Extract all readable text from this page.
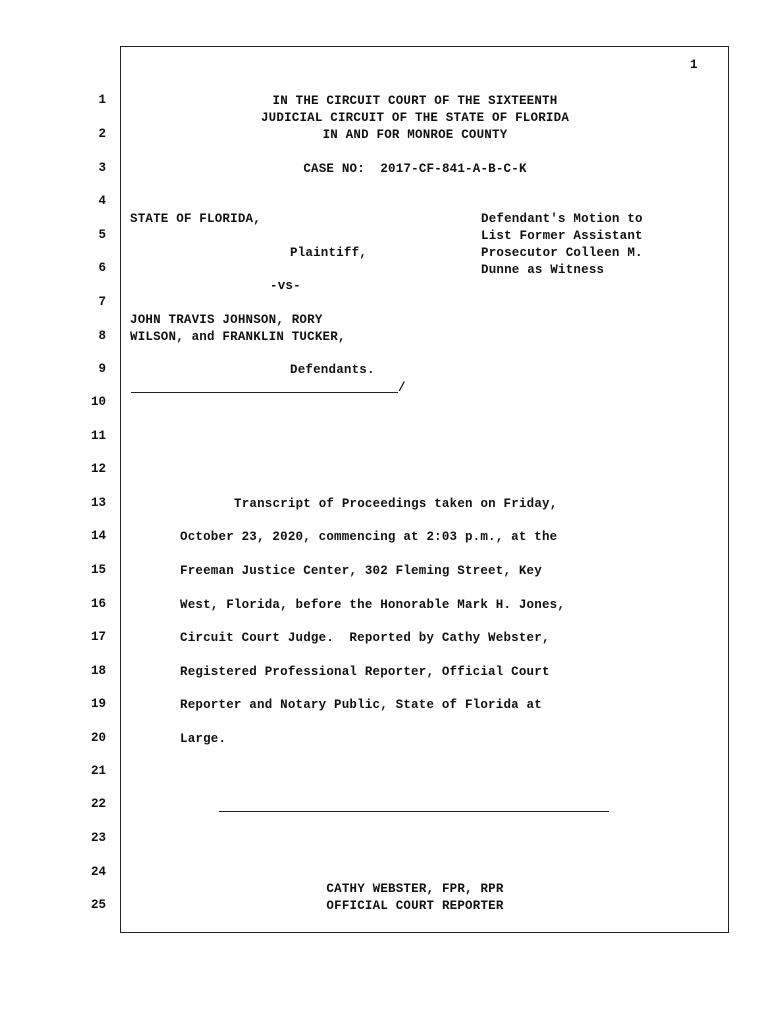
1
1
2
3
4
5
6
7
8
9
10
11
12
13
14
15
16
17
18
19
20
21
22
23
24
25
IN THE CIRCUIT COURT OF THE SIXTEENTH
JUDICIAL CIRCUIT OF THE STATE OF FLORIDA
IN AND FOR MONROE COUNTY
CASE NO:  2017-CF-841-A-B-C-K
STATE OF FLORIDA,
Plaintiff,
-vs-
JOHN TRAVIS JOHNSON, RORY
WILSON, and FRANKLIN TUCKER,
Defendants.
/
Defendant's Motion to
List Former Assistant
Prosecutor Colleen M.
Dunne as Witness
Transcript of Proceedings taken on Friday,
October 23, 2020, commencing at 2:03 p.m., at the
Freeman Justice Center, 302 Fleming Street, Key
West, Florida, before the Honorable Mark H. Jones,
Circuit Court Judge.  Reported by Cathy Webster,
Registered Professional Reporter, Official Court
Reporter and Notary Public, State of Florida at
Large.
CATHY WEBSTER, FPR, RPR
OFFICIAL COURT REPORTER
